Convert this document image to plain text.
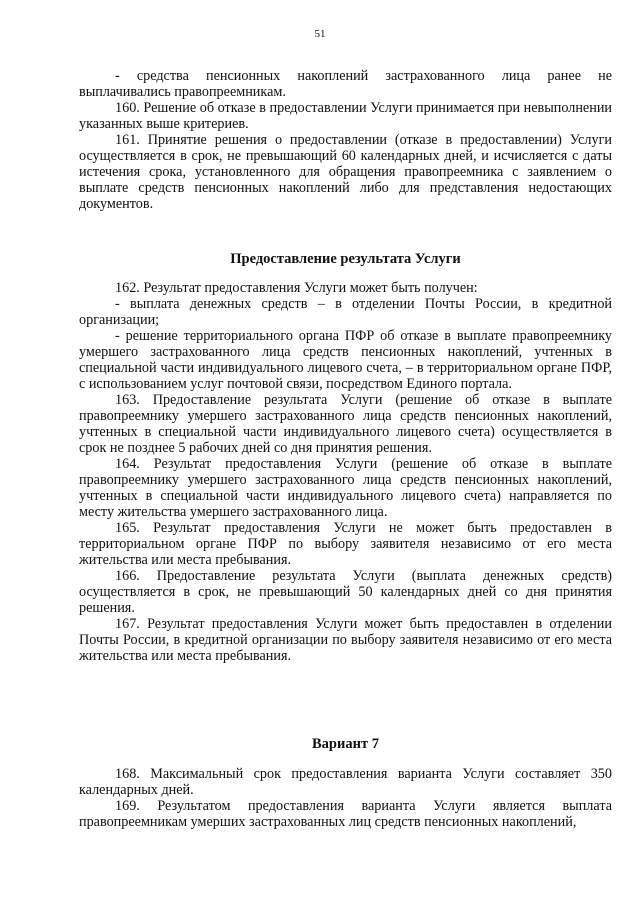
51

- средства пенсионных накоплений застрахованного лица ранее не выплачивались правопреемникам.

160. Решение об отказе в предоставлении Услуги принимается при невыполнении указанных выше критериев.

161. Принятие решения о предоставлении (отказе в предоставлении) Услуги осуществляется в срок, не превышающий 60 календарных дней, и исчисляется с даты истечения срока, установленного для обращения правопреемника с заявлением о выплате средств пенсионных накоплений либо для представления недостающих документов.

Предоставление результата Услуги

162. Результат предоставления Услуги может быть получен:

- выплата денежных средств – в отделении Почты России, в кредитной организации;

- решение территориального органа ПФР об отказе в выплате правопреемнику умершего застрахованного лица средств пенсионных накоплений, учтенных в специальной части индивидуального лицевого счета, – в территориальном органе ПФР, с использованием услуг почтовой связи, посредством Единого портала.

163. Предоставление результата Услуги (решение об отказе в выплате правопреемнику умершего застрахованного лица средств пенсионных накоплений, учтенных в специальной части индивидуального лицевого счета) осуществляется в срок не позднее 5 рабочих дней со дня принятия решения.

164. Результат предоставления Услуги (решение об отказе в выплате правопреемнику умершего застрахованного лица средств пенсионных накоплений, учтенных в специальной части индивидуального лицевого счета) направляется по месту жительства умершего застрахованного лица.

165. Результат предоставления Услуги не может быть предоставлен в территориальном органе ПФР по выбору заявителя независимо от его места жительства или места пребывания.

166. Предоставление результата Услуги (выплата денежных средств) осуществляется в срок, не превышающий 50 календарных дней со дня принятия решения.

167. Результат предоставления Услуги может быть предоставлен в отделении Почты России, в кредитной организации по выбору заявителя независимо от его места жительства или места пребывания.

Вариант 7

168. Максимальный срок предоставления варианта Услуги составляет 350 календарных дней.

169. Результатом предоставления варианта Услуги является выплата правопреемникам умерших застрахованных лиц средств пенсионных накоплений,
